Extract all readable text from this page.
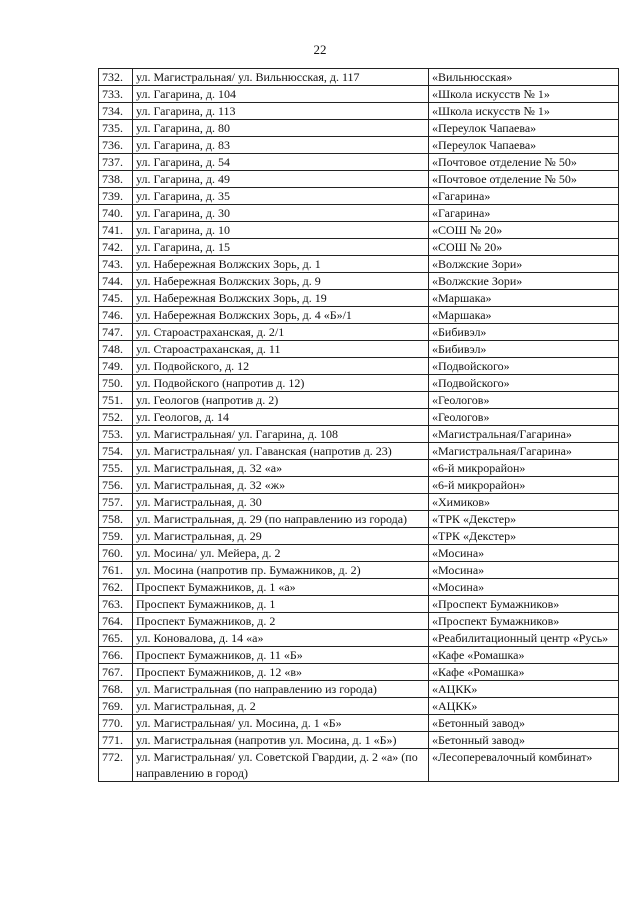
22
732.	ул. Магистральная/ ул. Вильнюсская, д. 117	«Вильнюсская»
733.	ул. Гагарина, д. 104	«Школа искусств № 1»
734.	ул. Гагарина, д. 113	«Школа искусств № 1»
735.	ул. Гагарина, д. 80	«Переулок Чапаева»
736.	ул. Гагарина, д. 83	«Переулок Чапаева»
737.	ул. Гагарина, д. 54	«Почтовое отделение № 50»
738.	ул. Гагарина, д. 49	«Почтовое отделение № 50»
739.	ул. Гагарина, д. 35	«Гагарина»
740.	ул. Гагарина, д. 30	«Гагарина»
741.	ул. Гагарина, д. 10	«СОШ № 20»
742.	ул. Гагарина, д. 15	«СОШ № 20»
743.	ул. Набережная Волжских Зорь, д. 1	«Волжские Зори»
744.	ул. Набережная Волжских Зорь, д. 9	«Волжские Зори»
745.	ул. Набережная Волжских Зорь, д. 19	«Маршака»
746.	ул. Набережная Волжских Зорь, д. 4 «Б»/1	«Маршака»
747.	ул. Староастраханская, д. 2/1	«Бибивэл»
748.	ул. Староастраханская, д. 11	«Бибивэл»
749.	ул. Подвойского, д. 12	«Подвойского»
750.	ул. Подвойского (напротив д. 12)	«Подвойского»
751.	ул. Геологов (напротив д. 2)	«Геологов»
752.	ул. Геологов, д. 14	«Геологов»
753.	ул. Магистральная/ ул. Гагарина, д. 108	«Магистральная/Гагарина»
754.	ул. Магистральная/ ул. Гаванская (напротив д. 23)	«Магистральная/Гагарина»
755.	ул. Магистральная, д. 32 «а»	«6-й микрорайон»
756.	ул. Магистральная, д. 32 «ж»	«6-й микрорайон»
757.	ул. Магистральная, д. 30	«Химиков»
758.	ул. Магистральная, д. 29 (по направлению из города)	«ТРК «Декстер»
759.	ул. Магистральная, д. 29	«ТРК «Декстер»
760.	ул. Мосина/ ул. Мейера, д. 2	«Мосина»
761.	ул. Мосина (напротив пр. Бумажников, д. 2)	«Мосина»
762.	Проспект Бумажников, д. 1 «а»	«Мосина»
763.	Проспект Бумажников, д. 1	«Проспект Бумажников»
764.	Проспект Бумажников, д. 2	«Проспект Бумажников»
765.	ул. Коновалова, д. 14 «а»	«Реабилитационный центр «Русь»
766.	Проспект Бумажников, д. 11 «Б»	«Кафе «Ромашка»
767.	Проспект Бумажников, д. 12 «в»	«Кафе «Ромашка»
768.	ул. Магистральная (по направлению из города)	«АЦКК»
769.	ул. Магистральная, д. 2	«АЦКК»
770.	ул. Магистральная/ ул. Мосина, д. 1 «Б»	«Бетонный завод»
771.	ул. Магистральная (напротив ул. Мосина, д. 1 «Б»)	«Бетонный завод»
772.	ул. Магистральная/ ул. Советской Гвардии, д. 2 «а» (по направлению в город)	«Лесоперевалочный комбинат»
